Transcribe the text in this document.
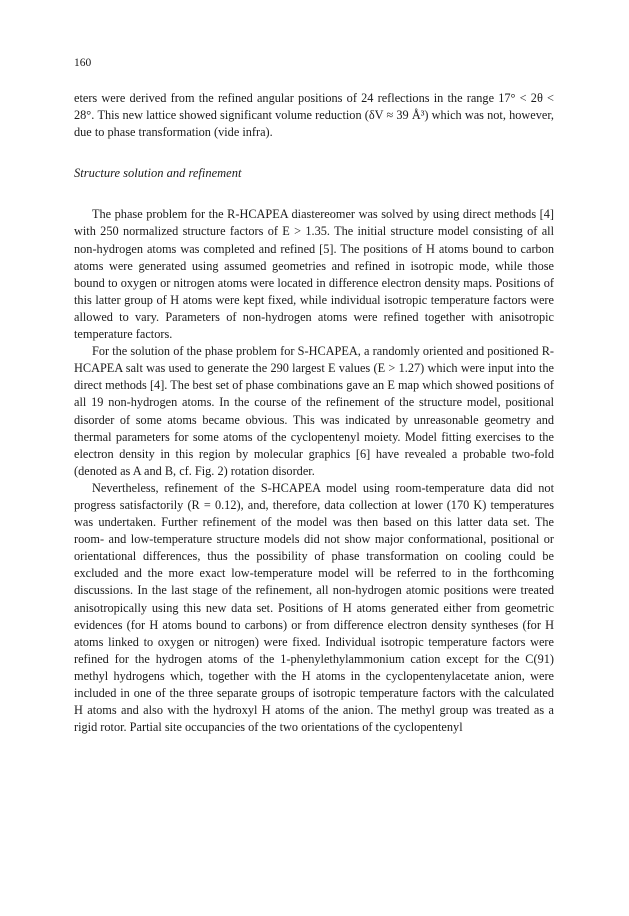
160

eters were derived from the refined angular positions of 24 reflections in the range 17° < 2θ < 28°. This new lattice showed significant volume reduction (δV ≈ 39 Å³) which was not, however, due to phase transformation (vide infra).

Structure solution and refinement

The phase problem for the R-HCAPEA diastereomer was solved by using direct methods [4] with 250 normalized structure factors of E > 1.35. The initial structure model consisting of all non-hydrogen atoms was completed and refined [5]. The positions of H atoms bound to carbon atoms were generated using assumed geometries and refined in isotropic mode, while those bound to oxygen or nitrogen atoms were located in difference electron density maps. Positions of this latter group of H atoms were kept fixed, while individual isotropic temperature factors were allowed to vary. Parameters of non-hydrogen atoms were refined together with anisotropic temperature factors.

For the solution of the phase problem for S-HCAPEA, a randomly oriented and positioned R-HCAPEA salt was used to generate the 290 largest E values (E > 1.27) which were input into the direct methods [4]. The best set of phase combinations gave an E map which showed positions of all 19 non-hydrogen atoms. In the course of the refinement of the structure model, positional disorder of some atoms became obvious. This was indicated by unreasonable geometry and thermal parameters for some atoms of the cyclopentenyl moiety. Model fitting exercises to the electron density in this region by molecular graphics [6] have revealed a probable two-fold (denoted as A and B, cf. Fig. 2) rotation disorder.

Nevertheless, refinement of the S-HCAPEA model using room-temperature data did not progress satisfactorily (R = 0.12), and, therefore, data collection at lower (170 K) temperatures was undertaken. Further refinement of the model was then based on this latter data set. The room- and low-temperature structure models did not show major conformational, positional or orientational differences, thus the possibility of phase transformation on cooling could be excluded and the more exact low-temperature model will be referred to in the forthcoming discussions. In the last stage of the refinement, all non-hydrogen atomic positions were treated anisotropically using this new data set. Positions of H atoms generated either from geometric evidences (for H atoms bound to carbons) or from difference electron density syntheses (for H atoms linked to oxygen or nitrogen) were fixed. Individual isotropic temperature factors were refined for the hydrogen atoms of the 1-phenylethylammonium cation except for the C(91) methyl hydrogens which, together with the H atoms in the cyclopentenylacetate anion, were included in one of the three separate groups of isotropic temperature factors with the calculated H atoms and also with the hydroxyl H atoms of the anion. The methyl group was treated as a rigid rotor. Partial site occupancies of the two orientations of the cyclopentenyl
